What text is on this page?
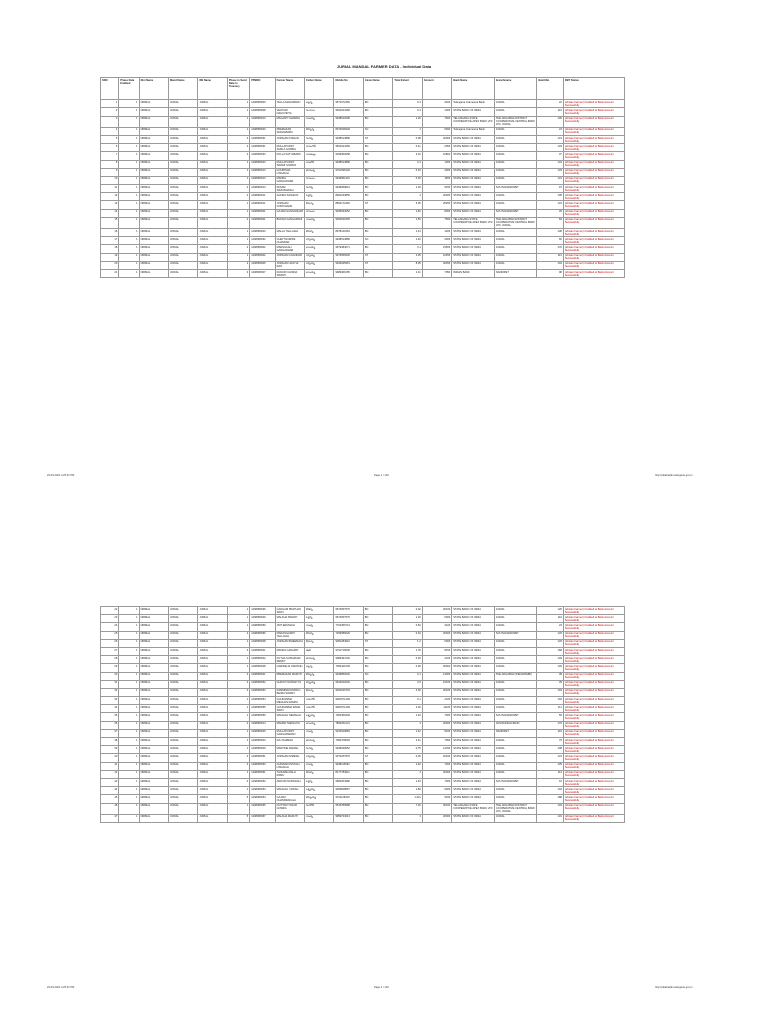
JURIAL MANDAL FARMER DATA - Individual Data
SNO	Phase Data Enabled	Dist Name	Mand Name	RB Name	Phase to Send Data to Treasury	PPBNO	Farmer Name	Father Name	Mobile No	Caste Name	Total Extent	Amount	Bank Name	branchname	BatchNo	DBT Status
1	1	NIRMAL	JURIAL	JURIAL	1	1208080000	YELLA MAHAMADU	ఎల్లన్న	9571072456	BC	0.4	2400	Telangana Grameena Bank	JURIAL	22	(eKisan Farmer) Credited to Bank Account Successfully
2	1	NIRMAL	JURIAL	JURIAL	1	1208080008	VELPURI NAGUVIDYA	గంగారాం	9591024459	BC	0.4	1000	STATE BANK OF INDIA	JURIAL	110	(eKisan Farmer) Credited to Bank Account Successfully
3	1	NIRMAL	JURIAL	JURIAL	1	1208080010	MAGANTI SHARDA	రాజయ్య	9948512096	BC	1.20	7600	TELANGANA STATE COOPERATIVE APEX BANK LTD	THE ADILABAD DISTRICT COOPERATIVE CENTRAL BANK LTD, JURIAL	100	(eKisan Farmer) Credited to Bank Account Successfully
4	1	NIRMAL	JURIAL	JURIAL	1	1208080020	PREMAKAR SUDHABABU	పోచ్చన్న	8374528449	SC	1	5000	Telangana Grameena Bank	JURIAL	24	(eKisan Farmer) Credited to Bank Account Successfully
5	1	NIRMAL	JURIAL	JURIAL	3	1208080031	JORIGAM KISHAN	గంగన్న	9948514880	ST	0.08	20000	STATE BANK OF INDIA	JURIAL	131	(eKisan Farmer) Credited to Bank Account Successfully
6	1	NIRMAL	JURIAL	JURIAL	2	1208080031	MULLAPUDDY SAMLA GOWDA	సాయిగౌడ్	9591024459	BC	0.41	2050	STATE BANK OF INDIA	JURIAL	133	(eKisan Farmer) Credited to Bank Account Successfully
7	1	NIRMAL	JURIAL	JURIAL	2	1208080033	KOLLA SATYABABU	రాజమల్లు	9399350258	BC	2.16	10800	STATE BANK OF INDIA	JURIAL	37	(eKisan Farmer) Credited to Bank Account Successfully
8	1	NIRMAL	JURIAL	JURIAL	1	1208080043	MULLAPUDDY SWAMI GOWDA	రాజగౌడ్	9948514880	BC	0.4	1000	STATE BANK OF INDIA	JURIAL	134	(eKisan Farmer) Credited to Bank Account Successfully
9	1	NIRMAL	JURIAL	JURIAL	1	1208080013	GOURISHA LINGAIAH	భూమన్న	9701095146	BC	0.04	2000	STATE BANK OF INDIA	JURIAL	133	(eKisan Farmer) Credited to Bank Account Successfully
10	1	NIRMAL	JURIAL	JURIAL	1	1208080013	MANDA GANGADHAR	సాయిలు	9949951415	BC	0.03	1500	STATE BANK OF INDIA	JURIAL	131	(eKisan Farmer) Credited to Bank Account Successfully
11	1	NIRMAL	JURIAL	JURIAL	2	1208080013	PASAM SWATAMAIAH	గంగన్న	9949959841	BC	1.03	5150	STATE BANK OF INDIA	SOUTH/NANDIPET	15	(eKisan Farmer) Credited to Bank Account Successfully
12	1	NIRMAL	JURIAL	JURIAL	2	1208080011	AAKIRA SANJEVA	పెద్దన్న	8904234850	BC	4	20000	STATE BANK OF INDIA	JURIAL	105	(eKisan Farmer) Credited to Bank Account Successfully
13	1	NIRMAL	JURIAL	JURIAL	1	1208080011	JORIGAM GOPICHAND	భీమన్న	8894172460	ST	5.05	25250	STATE BANK OF INDIA	JURIAL	131	(eKisan Farmer) Credited to Bank Account Successfully
14	1	NIRMAL	JURIAL	JURIAL	1	1208080001	GAJAM GANGADHAR	సాయిలు	9395094052	BC	1.60	8000	STATE BANK OF INDIA	SOUTH/NANDIPET	45	(eKisan Farmer) Credited to Bank Account Successfully
15	1	NIRMAL	JURIAL	JURIAL	2	1208080001	BAKAM GANGAMANI	రాజయ్య	9394521805	BC	1.50	7500	TELANGANA STATE COOPERATIVE APEX BANK LTD	THE ADILABAD DISTRICT COOPERATIVE CENTRAL BANK LTD, JURIAL	83	(eKisan Farmer) Credited to Bank Account Successfully
16	1	NIRMAL	JURIAL	JURIAL	1	1208080040	MALLA YELLAIAH	పోచన్న	8978120463	BC	1.44	1200	STATE BANK OF INDIA	JURIAL	138	(eKisan Farmer) Credited to Bank Account Successfully
17	1	NIRMAL	JURIAL	JURIAL	1	1208080032	CHETTHUMIPE CHANDAR	నర్సయ్య	9948514880	SC	1.40	2000	STATE BANK OF INDIA	JURIAL	66	(eKisan Farmer) Credited to Bank Account Successfully
18	1	NIRMAL	JURIAL	JURIAL	4	1208080002	MARSAGALI GANGADHAR	బాలయ్య	9679384071	BC	3.1	15500	STATE BANK OF INDIA	JURIAL	170	(eKisan Farmer) Credited to Bank Account Successfully
19	1	NIRMAL	JURIAL	JURIAL	1	1208080002	JORIGAM CHANDAR	నర్సయ్య	9373956945	ST	2.05	10250	STATE BANK OF INDIA	JURIAL	113	(eKisan Farmer) Credited to Bank Account Successfully
20	1	NIRMAL	JURIAL	JURIAL	2	1208080006	JORIGAM JAGTHI RAO	నర్సయ్య	9393945951	ST	8.05	40250	STATE BANK OF INDIA	JURIAL	104	(eKisan Farmer) Credited to Bank Account Successfully
21	1	NIRMAL	JURIAL	JURIAL	3	1208080007	KUDURI CHINNA SWAMY	బాలయ్య	9989466155	BC	1.41	7050	INDIAN BANK	NANDIPET	98	(eKisan Farmer) Credited to Bank Account Successfully
23-03-2021 4:26:31 PM	Page 1 / 133	http://ytfarbattle.telangana.gov.in
22	1	NIRMAL	JURIAL	JURIAL	1	1208080036	GANGAM PRATHAN SWAY	పోశన్న	9573057576	BC	0.02	20100	STATE BANK OF INDIA	JURIAL	126	(eKisan Farmer) Credited to Bank Account Successfully
23	1	NIRMAL	JURIAL	JURIAL	1	1208080049	MALKHA SWAMY	పెద్దన్న	9573057576	BC	1.20	6000	STATE BANK OF INDIA	JURIAL	110	(eKisan Farmer) Credited to Bank Account Successfully
24	1	NIRMAL	JURIAL	JURIAL	1	1208080059	JRIT ERUMAIH	రాజన్న	7702359714	BC	0.60	3100	STATE BANK OF INDIA	JURIAL	23	(eKisan Farmer) Credited to Bank Account Successfully
25	1	NIRMAL	JURIAL	JURIAL	2	1208080066	MARANGADDY YELLAIAH	పోచన్న	7259086026	BC	0.04	20000	STATE BANK OF INDIA	SOUTH/NANDIPET	133	(eKisan Farmer) Credited to Bank Account Successfully
26	1	NIRMAL	JURIAL	JURIAL	1	1208080008	JORIGAM BHEEMAIH	భీమన్న	9381284910	ST	1.2	6000	STATE BANK OF INDIA	JURIAL	133	(eKisan Farmer) Credited to Bank Account Successfully
27	1	NIRMAL	JURIAL	JURIAL	3	1208080041	MANDA GANAPAT	శేఖర్	9701715606	BC	1.78	8150	STATE BANK OF INDIA	JURIAL	168	(eKisan Farmer) Credited to Bank Account Successfully
28	1	NIRMAL	JURIAL	JURIAL	1	1208080042	KOTHA SUDHAKAR REDDY	భూమన్న	9989494740	BC	0.04	2100	STATE BANK OF INDIA	JURIAL	149	(eKisan Farmer) Credited to Bank Account Successfully
29	1	NIRMAL	JURIAL	JURIAL	1	1208080048	GARIKELAI SWATAIH	ఎల్లన్న	7382421009	BC	0.06	30000	STATE BANK OF INDIA	JURIAL	133	(eKisan Farmer) Credited to Bank Account Successfully
30	1	NIRMAL	JURIAL	JURIAL	2	1208080041	PREMAKAR MARUTI	పోచ్చన్న	9949859440	SC	0.1	14000	STATE BANK OF INDIA	THE ADILABAD (PEDAPAMBI)	38	(eKisan Farmer) Credited to Bank Account Successfully
31	1	NIRMAL	JURIAL	JURIAL	2	1208080052	CHIKATI NARSAYYA	చిన్నయ్య	9542022040	BC	3.0	15100	STATE BANK OF INDIA	JURIAL	35	(eKisan Farmer) Credited to Bank Account Successfully
32	1	NIRMAL	JURIAL	JURIAL	2	1208080053	DAMMINDOJODDI L BHIMA SWAMY	భీమన్న	9391540743	BC	4.00	20100	STATE BANK OF INDIA	JURIAL	104	(eKisan Farmer) Credited to Bank Account Successfully
33	1	NIRMAL	JURIAL	JURIAL	1	1208080054	GOUDAMMA MEGHAN RAMPU	రామగౌడ్	9381571409	BC	0.1	2100	STATE BANK OF INDIA	JURIAL	104	(eKisan Farmer) Credited to Bank Account Successfully
34	1	NIRMAL	JURIAL	JURIAL	1	1208080055	GOUDAMMA RAMA SWAY	రామగౌడ్	9381571409	BC	2.00	11100	STATE BANK OF INDIA	JURIAL	111	(eKisan Farmer) Credited to Bank Account Successfully
35	1	NIRMAL	JURIAL	JURIAL	1	1208080056	MANGALI NEMAIAH	లక్ష్మయ్య	7382456409	BC	1.40	7000	STATE BANK OF INDIA	SOUTH/NANDIPET	59	(eKisan Farmer) Credited to Bank Account Successfully
36	1	NIRMAL	JURIAL	JURIAL	4	1208080014	MAMAD NARSAIYA	బాలయ్య	7893262121	BC	4	20000	STATE BANK OF INDIA	ADVIRUNDALIBAIN	170	(eKisan Farmer) Credited to Bank Account Successfully
37	1	NIRMAL	JURIAL	JURIAL	1	1208080046	MULLAPUDDY GANGARAMAN	రాజన్న	9154520884	BC	1.42	5100	STATE BANK OF INDIA	NANDIPET	119	(eKisan Farmer) Credited to Bank Account Successfully
38	1	NIRMAL	JURIAL	JURIAL	1	1208080043	RAJ NARESH	భూమన్న	7382478093	BC	1.41	7050	STATE BANK OF INDIA	JURIAL	76	(eKisan Farmer) Credited to Bank Account Successfully
39	1	NIRMAL	JURIAL	JURIAL	1	1208080049	MARTINE RAMAH	గంగన్న	9939539052	BC	0.75	14150	STATE BANK OF INDIA	JURIAL	108	(eKisan Farmer) Credited to Bank Account Successfully
40	1	NIRMAL	JURIAL	JURIAL	2	1208080051	JORIGAM NIMESH	నర్సయ్య	9373257876	ST	0.05	20100	STATE BANK OF INDIA	JURIAL	131	(eKisan Farmer) Credited to Bank Account Successfully
41	1	NIRMAL	JURIAL	JURIAL	4	1208080060	CHINNAKUNTAIAH LINGAIAH	రాజన్న	9948115092	BC	1.40	7000	STATE BANK OF INDIA	JURIAL	105	(eKisan Farmer) Credited to Bank Account Successfully
42	1	NIRMAL	JURIAL	JURIAL	1	1208080061	THIKARE MALLI RAMU	పోచన్న	8177784911	BC	4	20000	STATE BANK OF INDIA	JURIAL	113	(eKisan Farmer) Credited to Bank Account Successfully
43	1	NIRMAL	JURIAL	JURIAL	2	1208080062	ANDURI NARSAIAH	పెద్దన్న	9582064980	BC	1.40	7000	STATE BANK OF INDIA	SOUTH/NANDIPET	91	(eKisan Farmer) Credited to Bank Account Successfully
44	1	NIRMAL	JURIAL	JURIAL	1	1208080063	MANGALI YADIAH	లక్ష్మయ్య	9959828867	BC	1.80	9000	STATE BANK OF INDIA	JURIAL	104	(eKisan Farmer) Credited to Bank Account Successfully
45	1	NIRMAL	JURIAL	JURIAL	5	1208080064	GAJAM CHANDRAKALA	పోచ్చయ్య	9701128419	BC	1.03x	5150	STATE BANK OF INDIA	JURIAL	188	(eKisan Farmer) Credited to Bank Account Successfully
46	1	NIRMAL	JURIAL	JURIAL	1	1208080065	GOTTAM YASUR GOWDA	గంగగౌడ్	9515789588	BC	7.20	36100	TELANGANA STATE COOPERATIVE APEX BANK LTD	THE ADILABAD DISTRICT COOPERATIVE CENTRAL BANK LTD, JURIAL	134	(eKisan Farmer) Credited to Bank Account Successfully
47	1	NIRMAL	JURIAL	JURIAL	5	1208080067	MALKHA MARUTI	రాజన్న	9959744013	BC	4	20000	STATE BANK OF INDIA	JURIAL	131	(eKisan Farmer) Credited to Bank Account Successfully
23-03-2021 4:26:31 PM	Page 2 / 133	http://ytfarbattle.telangana.gov.in
